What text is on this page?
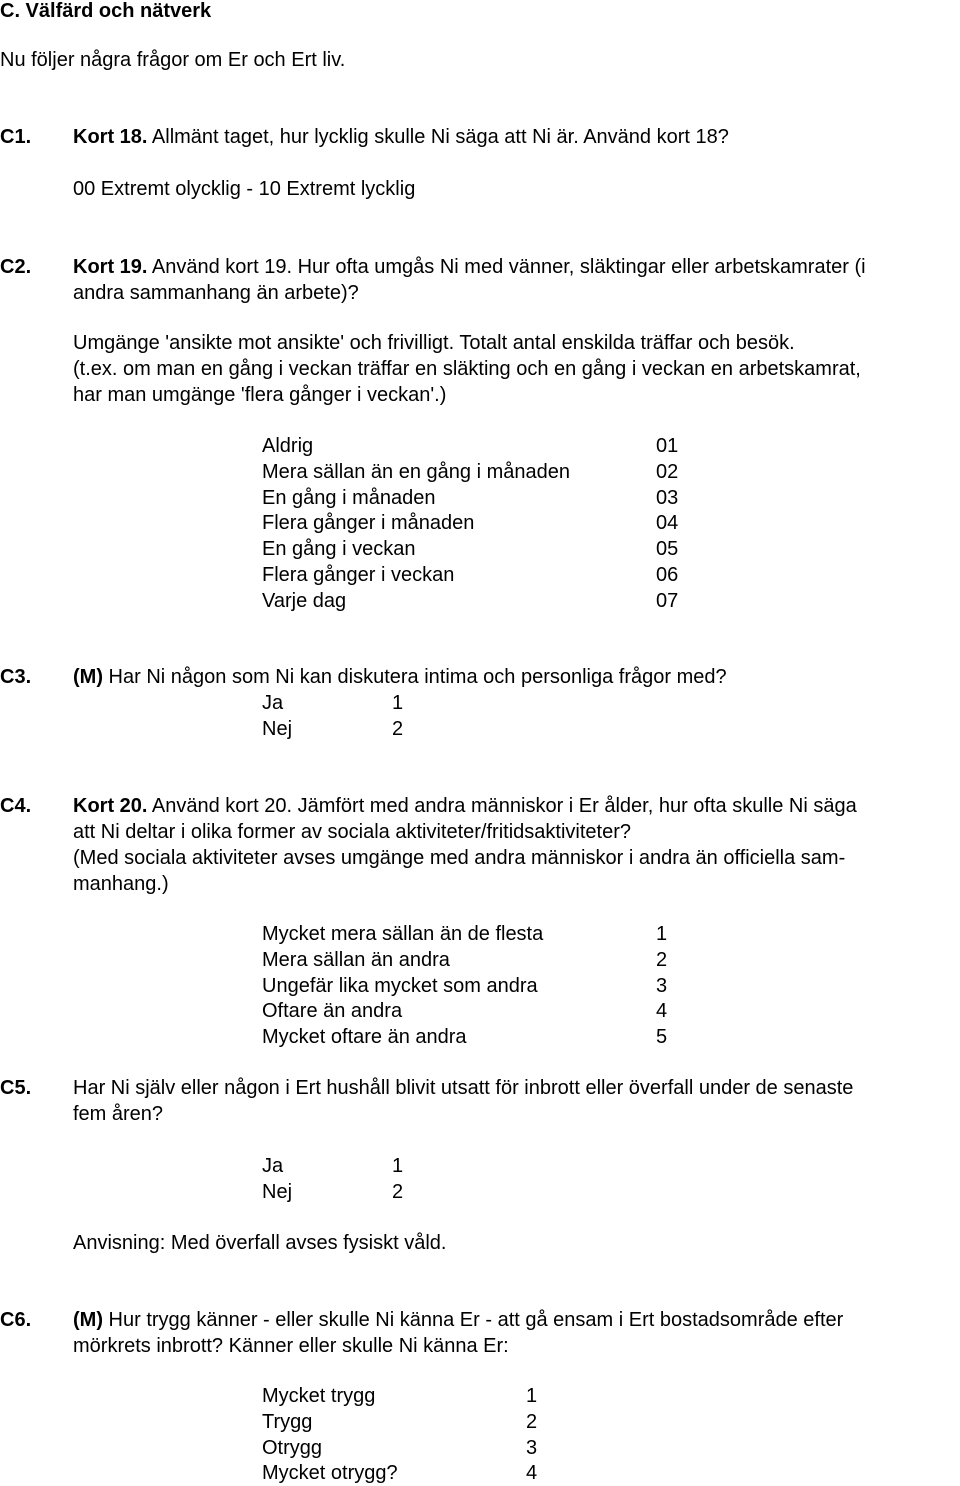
C. Välfärd och nätverk
Nu följer några frågor om Er och Ert liv.
C1. Kort 18. Allmänt taget, hur lycklig skulle Ni säga att Ni är. Använd kort 18?
00 Extremt olycklig - 10 Extremt lycklig
C2. Kort 19. Använd kort 19. Hur ofta umgås Ni med vänner, släktingar eller arbetskamrater (i
andra sammanhang än arbete)?
Umgänge 'ansikte mot ansikte' och frivilligt. Totalt antal enskilda träffar och besök.
(t.ex. om man en gång i veckan träffar en släkting och en gång i veckan en arbetskamrat,
har man umgänge 'flera gånger i veckan'.)
Aldrig	01
Mera sällan än en gång i månaden	02
En gång i månaden	03
Flera gånger i månaden	04
En gång i veckan	05
Flera gånger i veckan	06
Varje dag	07
C3. (M) Har Ni någon som Ni kan diskutera intima och personliga frågor med?
Ja	1
Nej	2
C4. Kort 20. Använd kort 20. Jämfört med andra människor i Er ålder, hur ofta skulle Ni säga
att Ni deltar i olika former av sociala aktiviteter/fritidsaktiviteter?
(Med sociala aktiviteter avses umgänge med andra människor i andra än officiella sam-
manhang.)
Mycket mera sällan än de flesta	1
Mera sällan än andra	2
Ungefär lika mycket som andra	3
Oftare än andra	4
Mycket oftare än andra	5
C5. Har Ni själv eller någon i Ert hushåll blivit utsatt för inbrott eller överfall under de senaste
fem åren?
Ja	1
Nej	2
Anvisning: Med överfall avses fysiskt våld.
C6. (M) Hur trygg känner - eller skulle Ni känna Er - att gå ensam i Ert bostadsområde efter
mörkrets inbrott? Känner eller skulle Ni känna Er:
Mycket trygg	1
Trygg	2
Otrygg	3
Mycket otrygg?	4
